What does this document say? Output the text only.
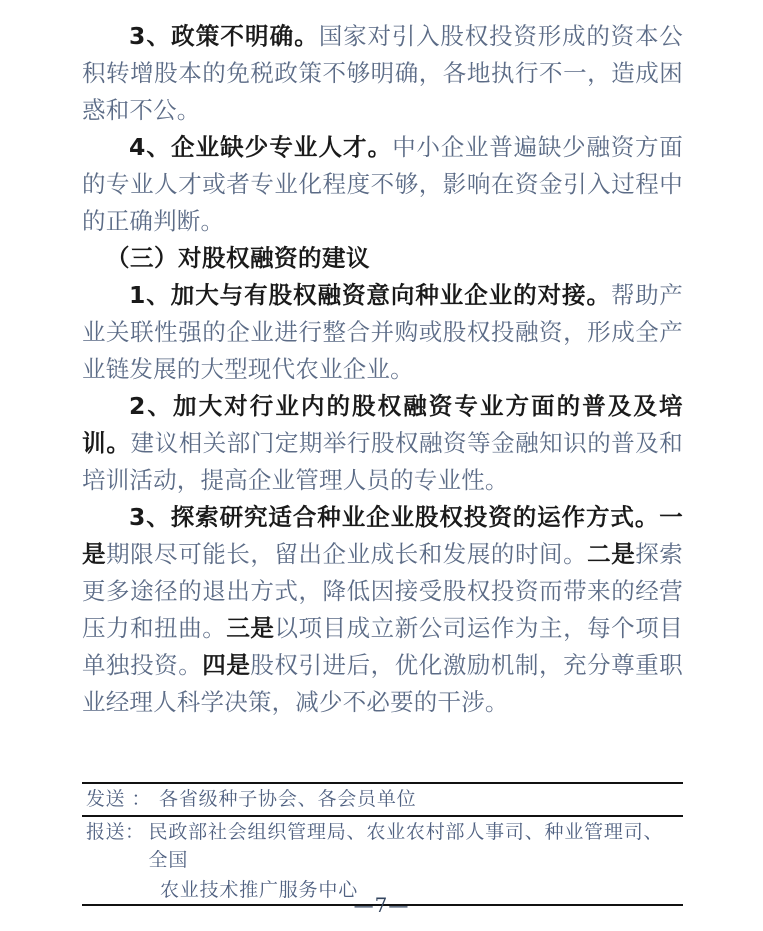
3、政策不明确。国家对引入股权投资形成的资本公积转增股本的免税政策不够明确，各地执行不一，造成困惑和不公。

4、企业缺少专业人才。中小企业普遍缺少融资方面的专业人才或者专业化程度不够，影响在资金引入过程中的正确判断。

（三）对股权融资的建议

1、加大与有股权融资意向种业企业的对接。帮助产业关联性强的企业进行整合并购或股权投融资，形成全产业链发展的大型现代农业企业。

2、加大对行业内的股权融资专业方面的普及及培训。建议相关部门定期举行股权融资等金融知识的普及和培训活动，提高企业管理人员的专业性。

3、探索研究适合种业企业股权投资的运作方式。一是期限尽可能长，留出企业成长和发展的时间。二是探索更多途径的退出方式，降低因接受股权投资而带来的经营压力和扭曲。三是以项目成立新公司运作为主，每个项目单独投资。四是股权引进后，优化激励机制，充分尊重职业经理人科学决策，减少不必要的干涉。

发送 ： 各省级种子协会、各会员单位
报送： 民政部社会组织管理局、农业农村部人事司、种业管理司、全国
农业技术推广服务中心
—7—
